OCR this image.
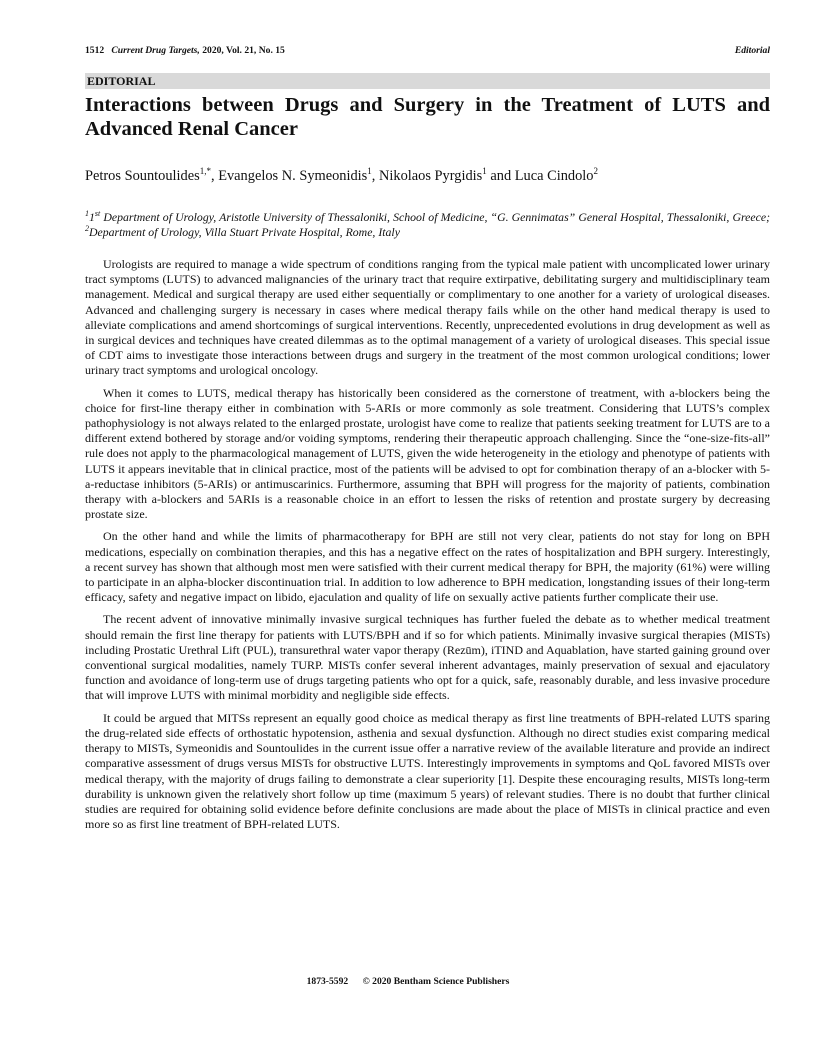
1512 Current Drug Targets, 2020, Vol. 21, No. 15	Editorial
EDITORIAL
Interactions between Drugs and Surgery in the Treatment of LUTS and Advanced Renal Cancer
Petros Sountoulides$^{1,*}$, Evangelos N. Symeonidis$^1$, Nikolaos Pyrgidis$^1$ and Luca Cindolo$^2$
$^1$1st Department of Urology, Aristotle University of Thessaloniki, School of Medicine, “G. Gennimatas” General Hospital, Thessaloniki, Greece; $^2$Department of Urology, Villa Stuart Private Hospital, Rome, Italy

Urologists are required to manage a wide spectrum of conditions ranging from the typical male patient with uncomplicated lower urinary tract symptoms (LUTS) to advanced malignancies of the urinary tract that require extirpative, debilitating surgery and multidisciplinary team management. Medical and surgical therapy are used either sequentially or complimentary to one another for a variety of urological diseases. Advanced and challenging surgery is necessary in cases where medical therapy fails while on the other hand medical therapy is used to alleviate complications and amend shortcomings of surgical interventions. Recently, unprecedented evolutions in drug development as well as in surgical devices and techniques have created dilemmas as to the optimal management of a variety of urological diseases. This special issue of CDT aims to investigate those interactions between drugs and surgery in the treatment of the most common urological conditions; lower urinary tract symptoms and urological oncology.

When it comes to LUTS, medical therapy has historically been considered as the cornerstone of treatment, with a-blockers being the choice for first-line therapy either in combination with 5-ARIs or more commonly as sole treatment. Considering that LUTS’s complex pathophysiology is not always related to the enlarged prostate, urologist have come to realize that patients seeking treatment for LUTS are to a different extend bothered by storage and/or voiding symptoms, rendering their therapeutic approach challenging. Since the “one-size-fits-all” rule does not apply to the pharmacological management of LUTS, given the wide heterogeneity in the etiology and phenotype of patients with LUTS it appears inevitable that in clinical practice, most of the patients will be advised to opt for combination therapy of an a-blocker with 5-a-reductase inhibitors (5-ARIs) or antimuscarinics. Furthermore, assuming that BPH will progress for the majority of patients, combination therapy with a-blockers and 5ARIs is a reasonable choice in an effort to lessen the risks of retention and prostate surgery by decreasing prostate size.

On the other hand and while the limits of pharmacotherapy for BPH are still not very clear, patients do not stay for long on BPH medications, especially on combination therapies, and this has a negative effect on the rates of hospitalization and BPH surgery. Interestingly, a recent survey has shown that although most men were satisfied with their current medical therapy for BPH, the majority (61%) were willing to participate in an alpha-blocker discontinuation trial. In addition to low adherence to BPH medication, longstanding issues of their long-term efficacy, safety and negative impact on libido, ejaculation and quality of life on sexually active patients further complicate their use.

The recent advent of innovative minimally invasive surgical techniques has further fueled the debate as to whether medical treatment should remain the first line therapy for patients with LUTS/BPH and if so for which patients. Minimally invasive surgical therapies (MISTs) including Prostatic Urethral Lift (PUL), transurethral water vapor therapy (Rezūm), iTIND and Aquablation, have started gaining ground over conventional surgical modalities, namely TURP. MISTs confer several inherent advantages, mainly preservation of sexual and ejaculatory function and avoidance of long-term use of drugs targeting patients who opt for a quick, safe, reasonably durable, and less invasive procedure that will improve LUTS with minimal morbidity and negligible side effects.

It could be argued that MITSs represent an equally good choice as medical therapy as first line treatments of BPH-related LUTS sparing the drug-related side effects of orthostatic hypotension, asthenia and sexual dysfunction. Although no direct studies exist comparing medical therapy to MISTs, Symeonidis and Sountoulides in the current issue offer a narrative review of the available literature and provide an indirect comparative assessment of drugs versus MISTs for obstructive LUTS. Interestingly improvements in symptoms and QoL favored MISTs over medical therapy, with the majority of drugs failing to demonstrate a clear superiority [1]. Despite these encouraging results, MISTs long-term durability is unknown given the relatively short follow up time (maximum 5 years) of relevant studies. There is no doubt that further clinical studies are required for obtaining solid evidence before definite conclusions are made about the place of MISTs in clinical practice and even more so as first line treatment of BPH-related LUTS.

1873-5592 © 2020 Bentham Science Publishers
